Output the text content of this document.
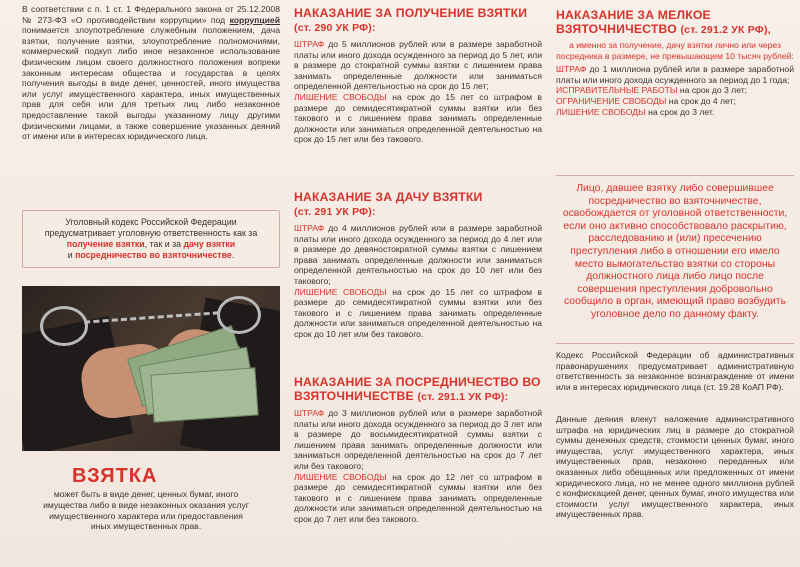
В соответствии с п. 1 ст. 1 Федерального закона от 25.12.2008 № 273-ФЗ «О противодействии коррупции» под коррупцией понимается злоупотребление служебным положением, дача взятки, получение взятки, злоупотребление полномочиями, коммерческий подкуп либо иное незаконное использование физическим лицом своего должностного положения вопреки законным интересам общества и государства в целях получения выгоды в виде денег, ценностей, иного имущества или услуг имущественного характера, иных имущественных прав для себя или для третьих лиц либо незаконное предоставление такой выгоды указанному лицу другими физическими лицами, а также совершение указанных деяний от имени или в интересах юридического лица.

Уголовный кодекс Российской Федерации предусматривает уголовную ответственность как за получение взятки, так и за дачу взятки
и посредничество во взяточничестве.
ВЗЯТКА

может быть в виде денег, ценных бумаг, иного имущества либо в виде незаконных оказания услуг имущественного характера или предоставления иных имущественных прав.

НАКАЗАНИЕ ЗА ПОЛУЧЕНИЕ ВЗЯТКИ
(ст. 290 УК РФ):

ШТРАФ до 5 миллионов рублей или в размере заработной платы или иного дохода осужденного за период до 5 лет, или в размере до стократной суммы взятки с лишением права занимать определенные должности или заниматься определенной деятельностью на срок до 15 лет;

ЛИШЕНИЕ СВОБОДЫ на срок до 15 лет со штрафом в размере до семидесятикратной суммы взятки или без такового и с лишением права занимать определенные должности или заниматься определенной деятельностью на срок до 15 лет или без такового.

НАКАЗАНИЕ ЗА ДАЧУ ВЗЯТКИ
(ст. 291 УК РФ):

ШТРАФ до 4 миллионов рублей или в размере заработной платы или иного дохода осужденного за период до 4 лет или в размере до девяностократной суммы взятки с лишением права занимать определенные должности или заниматься определенной деятельностью на срок до 10 лет или без такового;

ЛИШЕНИЕ СВОБОДЫ на срок до 15 лет со штрафом в размере до семидесятикратной суммы взятки или без такового и с лишением права занимать определенные должности или заниматься определенной деятельностью на срок до 10 лет или без такового.

НАКАЗАНИЕ ЗА ПОСРЕДНИЧЕСТВО ВО ВЗЯТОЧНИЧЕСТВЕ (ст. 291.1 УК РФ):

ШТРАФ до 3 миллионов рублей или в размере заработной платы или иного дохода осужденного за период до 3 лет или в размере до восьмидесятикратной суммы взятки с лишением права занимать определенные должности или заниматься определенной деятельностью на срок до 7 лет или без такового;

ЛИШЕНИЕ СВОБОДЫ на срок до 12 лет со штрафом в размере до семидесятикратной суммы взятки или без такового и с лишением права занимать определенные должности или заниматься определенной деятельностью на срок до 7 лет или без такового.

НАКАЗАНИЕ ЗА МЕЛКОЕ
ВЗЯТОЧНИЧЕСТВО (ст. 291.2 УК РФ),

а именно за получение, дачу взятки лично или через посредника в размере, не превышающем 10 тысяч рублей:

ШТРАФ до 1 миллиона рублей или в размере заработной платы или иного дохода осужденного за период до 1 года;

ИСПРАВИТЕЛЬНЫЕ РАБОТЫ на срок до 3 лет;

ОГРАНИЧЕНИЕ СВОБОДЫ на срок до 4 лет;

ЛИШЕНИЕ СВОБОДЫ на срок до 3 лет.

Лицо, давшее взятку либо совершившее посредничество во взяточничестве, освобождается от уголовной ответственности, если оно активно способствовало раскрытию, расследованию и (или) пресечению преступления либо в отношении его имело место вымогательство взятки со стороны должностного лица либо лицо после совершения преступления добровольно сообщило в орган, имеющий право возбудить уголовное дело по данному факту.

Кодекс Российской Федерации об административных правонарушениях предусматривает административную ответственность за незаконное вознаграждение от имени или в интересах юридического лица (ст. 19.28 КоАП РФ).

Данные деяния влекут наложение административного штрафа на юридических лиц в размере до стократной суммы денежных средств, стоимости ценных бумаг, иного имущества, услуг имущественного характера, иных имущественных прав, незаконно переданных или оказанных либо обещанных или предложенных от имени юридического лица, но не менее одного миллиона рублей с конфискацией денег, ценных бумаг, иного имущества или стоимости услуг имущественного характера, иных имущественных прав.
